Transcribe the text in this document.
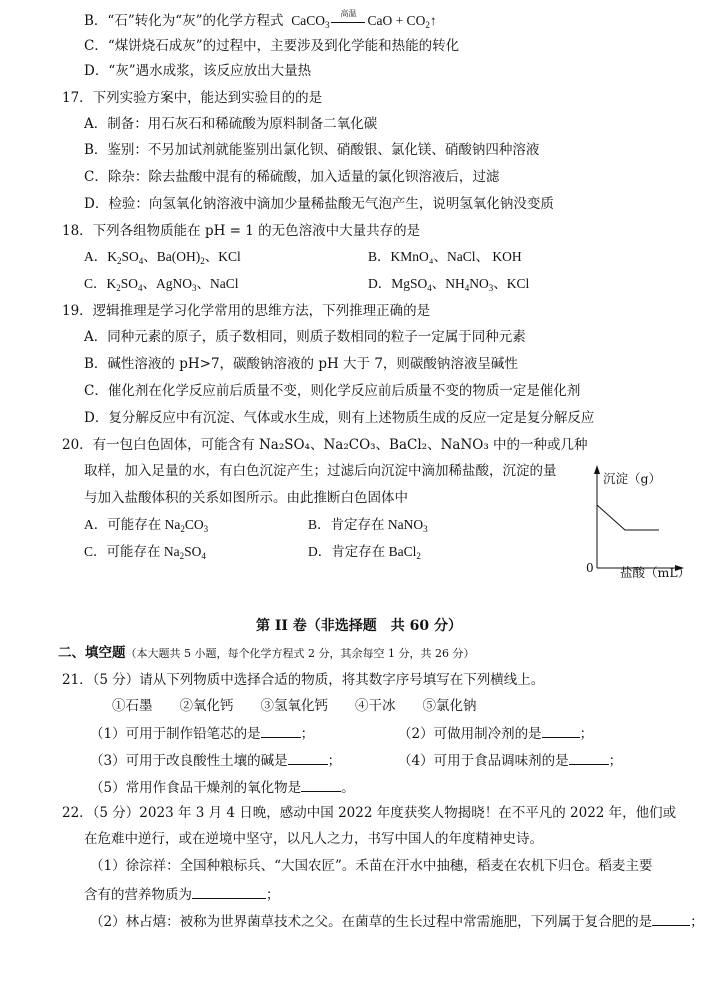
B．“石”转化为“灰”的化学方程式 CaCO$_3$
高温 CaO + $CO_2↑$
C．“煤饼烧石成灰”的过程中，主要涉及到化学能和热能的转化
D．“灰”遇水成浆，该反应放出大量热
17．下列实验方案中，能达到实验目的的是
A．制备：用石灰石和稀硫酸为原料制备二氧化碳
B．鉴别：不另加试剂就能鉴别出氯化钡、硝酸银、氯化镁、硝酸钠四种溶液
C．除杂：除去盐酸中混有的稀硫酸，加入适量的氯化钡溶液后，过滤
D．检验：向氢氧化钠溶液中滴加少量稀盐酸无气泡产生，说明氢氧化钠没变质
18．下列各组物质能在 pH = 1 的无色溶液中大量共存的是
A．$K_2SO_4$、$Ba(OH)_2$、KCl	B．KMnO₄、NaCl、 KOH
C．$K_2SO_4$、AgNO$_3$、NaCl	D．MgSO$_4$、$NH_4NO_3$、KCl
19．逻辑推理是学习化学常用的思维方法，下列推理正确的是
A．同种元素的原子，质子数相同，则质子数相同的粒子一定属于同种元素
B．碱性溶液的 pH>7，碳酸钠溶液的 pH 大于 7，则碳酸钠溶液呈碱性
C．催化剂在化学反应前后质量不变，则化学反应前后质量不变的物质一定是催化剂
D．复分解反应中有沉淀、气体或水生成，则有上述物质生成的反应一定是复分解反应
20．有一包白色固体，可能含有 Na₂SO₄、Na₂CO₃、BaCl₂、NaNO₃ 中的一种或几种
取样，加入足量的水，有白色沉淀产生；过滤后向沉淀中滴加稀盐酸，沉淀的量
与加入盐酸体积的关系如图所示。由此推断白色固体中
A．可能存在 $Na_2CO_3$	B．肯定存在 NaNO$_3$
C．可能存在 $Na_2SO_4$	D．肯定存在 BaCl$_2$
沉淀（g）
0 盐酸（mL）
第 II 卷（非选择题　共 60 分）
二、填空题（本大题共 5 小题，每个化学方程式 2 分，其余每空 1 分，共 26 分）
21．（5 分）请从下列物质中选择合适的物质，将其数字序号填写在下列横线上。
①石墨　　②氧化钙　　③氢氧化钙　　④干冰　　⑤氯化钠
（1）可用于制作铅笔芯的是	；	（2）可做用制冷剂的是	；
（3）可用于改良酸性土壤的碱是	；	（4）可用于食品调味剂的是	；
（5）常用作食品干燥剂的氧化物是	。
22．（5 分）2023 年 3 月 4 日晚，感动中国 2022 年度获奖人物揭晓！在不平凡的 2022 年，他们或
在危难中逆行，或在逆境中坚守，以凡人之力，书写中国人的年度精神史诗。
（1）徐淙祥：全国种粮标兵、“大国农匠”。禾苗在汗水中抽穗，稻麦在农机下归仓。稻麦主要
含有的营养物质为	；
（2）林占熺：被称为世界菌草技术之父。在菌草的生长过程中常需施肥，下列属于复合肥的是	；
